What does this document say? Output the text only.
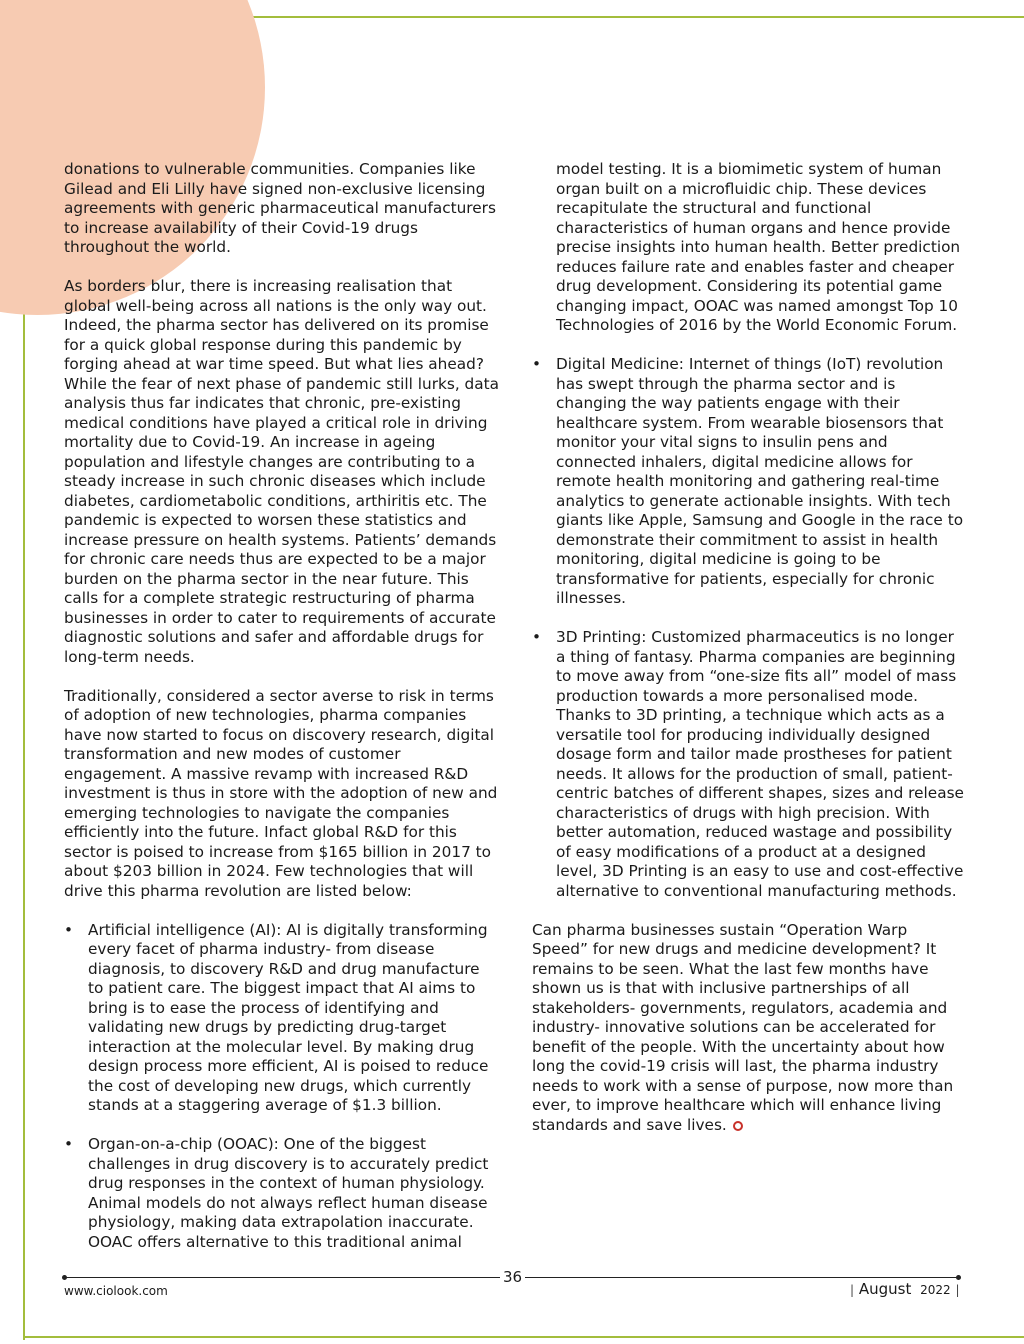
donations to vulnerable communities. Companies like Gilead and Eli Lilly have signed non-exclusive licensing agreements with generic pharmaceutical manufacturers to increase availability of their Covid-19 drugs throughout the world.

As borders blur, there is increasing realisation that global well-being across all nations is the only way out. Indeed, the pharma sector has delivered on its promise for a quick global response during this pandemic by forging ahead at war time speed. But what lies ahead? While the fear of next phase of pandemic still lurks, data analysis thus far indicates that chronic, pre-existing medical conditions have played a critical role in driving mortality due to Covid-19. An increase in ageing population and lifestyle changes are contributing to a steady increase in such chronic diseases which include diabetes, cardiometabolic conditions, arthiritis etc. The pandemic is expected to worsen these statistics and increase pressure on health systems. Patients’ demands for chronic care needs thus are expected to be a major burden on the pharma sector in the near future. This calls for a complete strategic restructuring of pharma businesses in order to cater to requirements of accurate diagnostic solutions and safer and affordable drugs for long-term needs.

Traditionally, considered a sector averse to risk in terms of adoption of new technologies, pharma companies have now started to focus on discovery research, digital transformation and new modes of customer engagement. A massive revamp with increased R&D investment is thus in store with the adoption of new and emerging technologies to navigate the companies efficiently into the future. Infact global R&D for this sector is poised to increase from $165 billion in 2017 to about $203 billion in 2024. Few technologies that will drive this pharma revolution are listed below:

• Artificial intelligence (AI): AI is digitally transforming every facet of pharma industry- from disease diagnosis, to discovery R&D and drug manufacture to patient care. The biggest impact that AI aims to bring is to ease the process of identifying and validating new drugs by predicting drug-target interaction at the molecular level. By making drug design process more efficient, AI is poised to reduce the cost of developing new drugs, which currently stands at a staggering average of $1.3 billion.
• Organ-on-a-chip (OOAC): One of the biggest challenges in drug discovery is to accurately predict drug responses in the context of human physiology. Animal models do not always reflect human disease physiology, making data extrapolation inaccurate. OOAC offers alternative to this traditional animal

model testing. It is a biomimetic system of human organ built on a microfluidic chip. These devices recapitulate the structural and functional characteristics of human organs and hence provide precise insights into human health. Better prediction reduces failure rate and enables faster and cheaper drug development. Considering its potential game changing impact, OOAC was named amongst Top 10 Technologies of 2016 by the World Economic Forum.

• Digital Medicine: Internet of things (IoT) revolution has swept through the pharma sector and is changing the way patients engage with their healthcare system. From wearable biosensors that monitor your vital signs to insulin pens and connected inhalers, digital medicine allows for remote health monitoring and gathering real-time analytics to generate actionable insights. With tech giants like Apple, Samsung and Google in the race to demonstrate their commitment to assist in health monitoring, digital medicine is going to be transformative for patients, especially for chronic illnesses.
• 3D Printing: Customized pharmaceutics is no longer a thing of fantasy. Pharma companies are beginning to move away from “one-size fits all” model of mass production towards a more personalised mode. Thanks to 3D printing, a technique which acts as a versatile tool for producing individually designed dosage form and tailor made prostheses for patient needs. It allows for the production of small, patient-centric batches of different shapes, sizes and release characteristics of drugs with high precision. With better automation, reduced wastage and possibility of easy modifications of a product at a designed level, 3D Printing is an easy to use and cost-effective alternative to conventional manufacturing methods.

Can pharma businesses sustain “Operation Warp Speed” for new drugs and medicine development? It remains to be seen. What the last few months have shown us is that with inclusive partnerships of all stakeholders- governments, regulators, academia and industry- innovative solutions can be accelerated for benefit of the people. With the uncertainty about how long the covid-19 crisis will last, the pharma industry needs to work with a sense of purpose, now more than ever, to improve healthcare which will enhance living standards and save lives.

36
www.ciolook.com	| August 2022 |
